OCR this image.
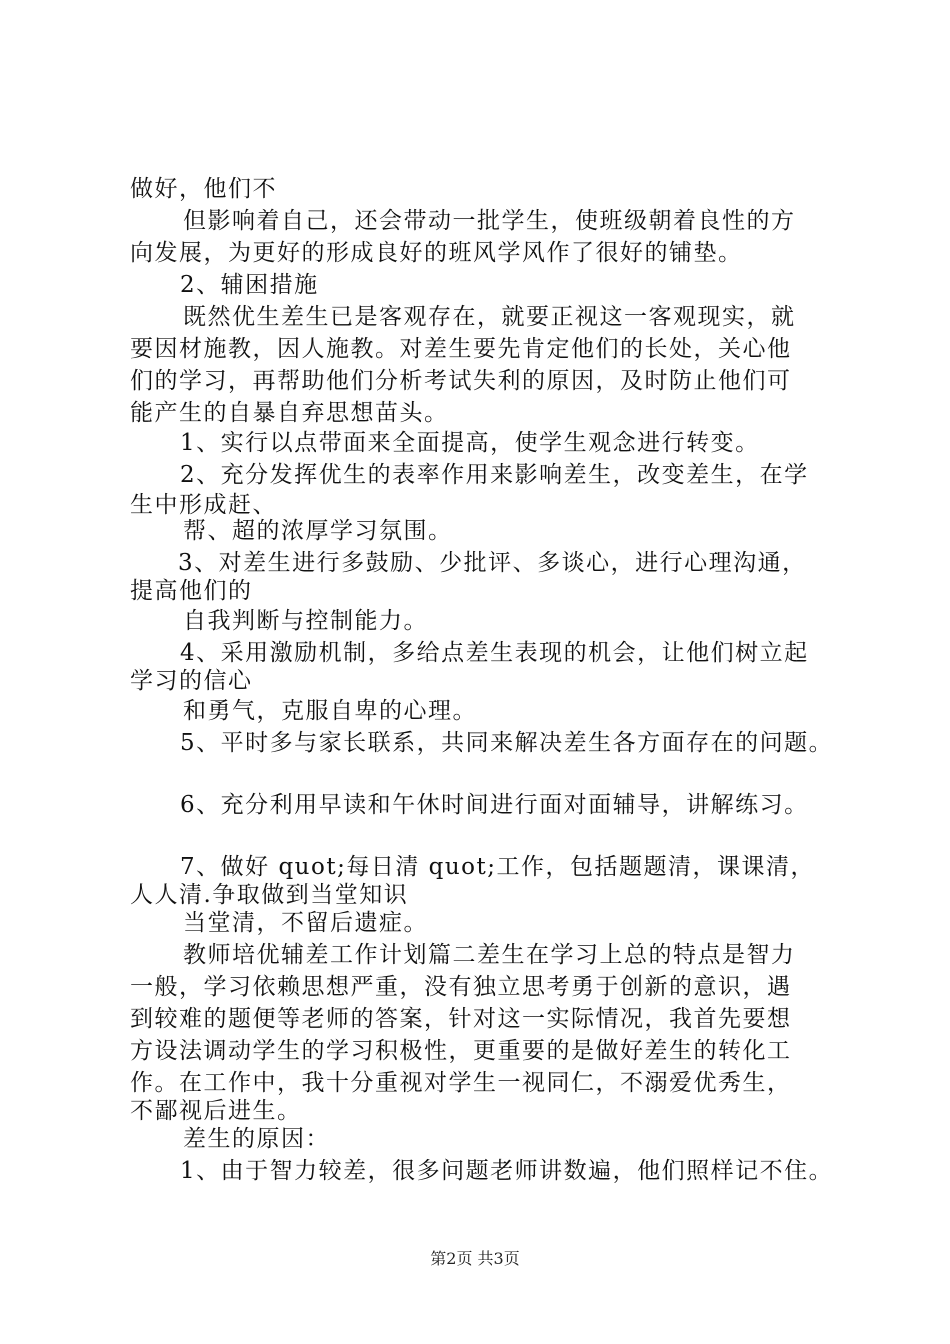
做好，他们不
但影响着自己，还会带动一批学生，使班级朝着良性的方
向发展，为更好的形成良好的班风学风作了很好的铺垫。
2、辅困措施
既然优生差生已是客观存在，就要正视这一客观现实，就
要因材施教，因人施教。对差生要先肯定他们的长处，关心他
们的学习，再帮助他们分析考试失利的原因，及时防止他们可
能产生的自暴自弃思想苗头。
1、实行以点带面来全面提高，使学生观念进行转变。
2、充分发挥优生的表率作用来影响差生，改变差生，在学
生中形成赶、
帮、超的浓厚学习氛围。
3、对差生进行多鼓励、少批评、多谈心，进行心理沟通，
提高他们的
自我判断与控制能力。
4、采用激励机制，多给点差生表现的机会，让他们树立起
学习的信心
和勇气，克服自卑的心理。
5、平时多与家长联系，共同来解决差生各方面存在的问题。
6、充分利用早读和午休时间进行面对面辅导，讲解练习。
7、做好 quot;每日清 quot;工作，包括题题清，课课清，
人人清.争取做到当堂知识
当堂清，不留后遗症。
教师培优辅差工作计划篇二差生在学习上总的特点是智力
一般，学习依赖思想严重，没有独立思考勇于创新的意识，遇
到较难的题便等老师的答案，针对这一实际情况，我首先要想
方设法调动学生的学习积极性，更重要的是做好差生的转化工
作。在工作中，我十分重视对学生一视同仁，不溺爱优秀生，
不鄙视后进生。
差生的原因：
1、由于智力较差，很多问题老师讲数遍，他们照样记不住。
第2页 共3页
